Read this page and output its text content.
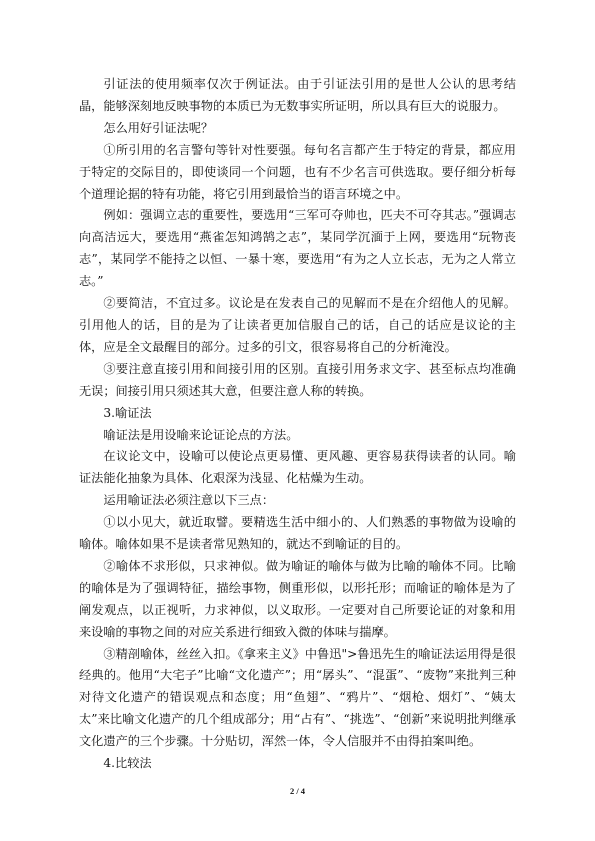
引证法的使用频率仅次于例证法。由于引证法引用的是世人公认的思考结晶，能够深刻地反映事物的本质已为无数事实所证明，所以具有巨大的说服力。

怎么用好引证法呢？

①所引用的名言警句等针对性要强。每句名言都产生于特定的背景，都应用于特定的交际目的，即使谈同一个问题，也有不少名言可供选取。要仔细分析每个道理论据的特有功能，将它引用到最恰当的语言环境之中。

例如：强调立志的重要性，要选用“三军可夺帅也，匹夫不可夺其志。”强调志向高洁远大，要选用“燕雀怎知鸿鹄之志”，某同学沉湎于上网，要选用“玩物丧志”，某同学不能持之以恒、一暴十寒，要选用“有为之人立长志，无为之人常立志。”

②要简洁，不宜过多。议论是在发表自己的见解而不是在介绍他人的见解。引用他人的话，目的是为了让读者更加信服自己的话，自己的话应是议论的主体，应是全文最醒目的部分。过多的引文，很容易将自己的分析淹没。

③要注意直接引用和间接引用的区别。直接引用务求文字、甚至标点均准确无误；间接引用只须述其大意，但要注意人称的转换。

3.喻证法

喻证法是用设喻来论证论点的方法。

在议论文中，设喻可以使论点更易懂、更风趣、更容易获得读者的认同。喻证法能化抽象为具体、化艰深为浅显、化枯燥为生动。

运用喻证法必须注意以下三点：

①以小见大，就近取譬。要精选生活中细小的、人们熟悉的事物做为设喻的喻体。喻体如果不是读者常见熟知的，就达不到喻证的目的。

②喻体不求形似，只求神似。做为喻证的喻体与做为比喻的喻体不同。比喻的喻体是为了强调特征，描绘事物，侧重形似，以形托形；而喻证的喻体是为了阐发观点，以正视听，力求神似，以义取形。一定要对自己所要论证的对象和用来设喻的事物之间的对应关系进行细致入微的体味与揣摩。

③精剖喻体，丝丝入扣。《拿来主义》中鲁迅">鲁迅先生的喻证法运用得是很经典的。他用“大宅子”比喻“文化遗产”；用“孱头”、“混蛋”、“废物”来批判三种对待文化遗产的错误观点和态度；用“鱼翅”、“鸦片”、“烟枪、烟灯”、“姨太太”来比喻文化遗产的几个组成部分；用“占有”、“挑选”、“创新”来说明批判继承文化遗产的三个步骤。十分贴切，浑然一体，令人信服并不由得拍案叫绝。

4.比较法

2 / 4
